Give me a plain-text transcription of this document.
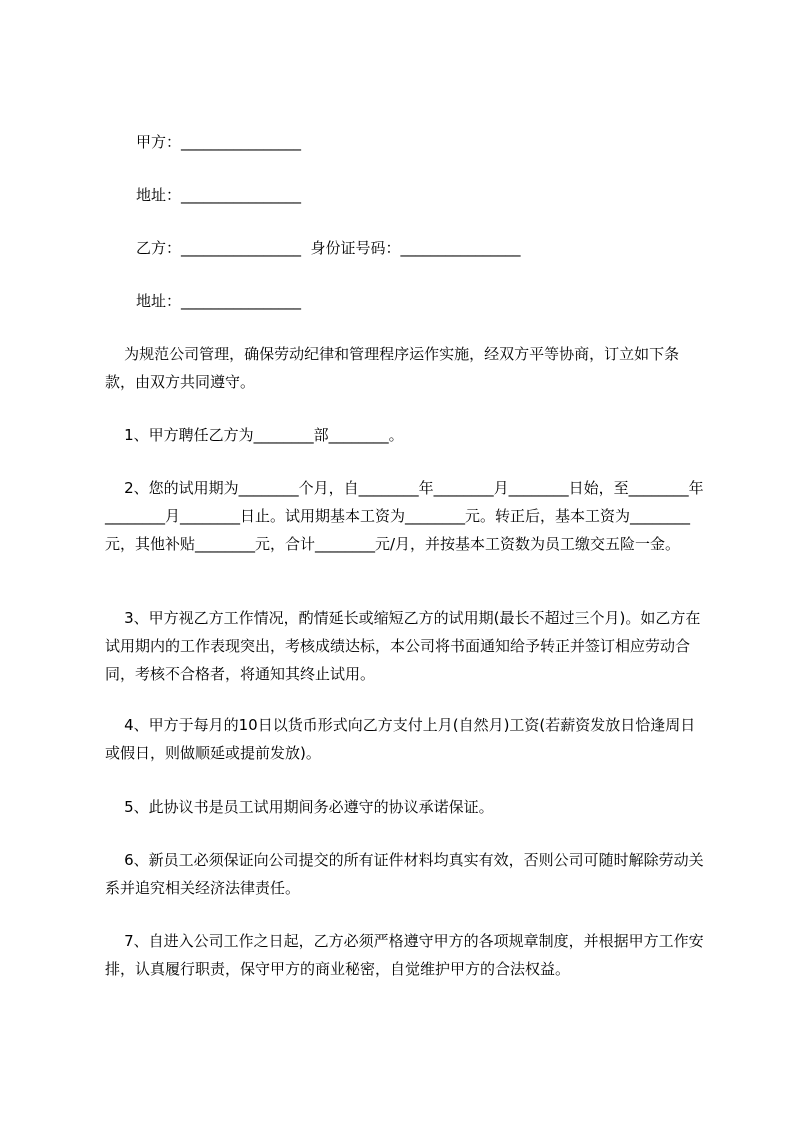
甲方：________________
地址：________________
乙方：________________  身份证号码：________________
地址：________________
为规范公司管理，确保劳动纪律和管理程序运作实施，经双方平等协商，订立如下条款，由双方共同遵守。
1、甲方聘任乙方为________部________。
2、您的试用期为________个月，自________年________月________日始，至________年________月________日止。试用期基本工资为________元。转正后，基本工资为________元，其他补贴________元，合计________元/月，并按基本工资数为员工缴交五险一金。
3、甲方视乙方工作情况，酌情延长或缩短乙方的试用期(最长不超过三个月)。如乙方在试用期内的工作表现突出，考核成绩达标，本公司将书面通知给予转正并签订相应劳动合同，考核不合格者，将通知其终止试用。
4、甲方于每月的10日以货币形式向乙方支付上月(自然月)工资(若薪资发放日恰逢周日或假日，则做顺延或提前发放)。
5、此协议书是员工试用期间务必遵守的协议承诺保证。
6、新员工必须保证向公司提交的所有证件材料均真实有效，否则公司可随时解除劳动关系并追究相关经济法律责任。
7、自进入公司工作之日起，乙方必须严格遵守甲方的各项规章制度，并根据甲方工作安排，认真履行职责，保守甲方的商业秘密，自觉维护甲方的合法权益。
